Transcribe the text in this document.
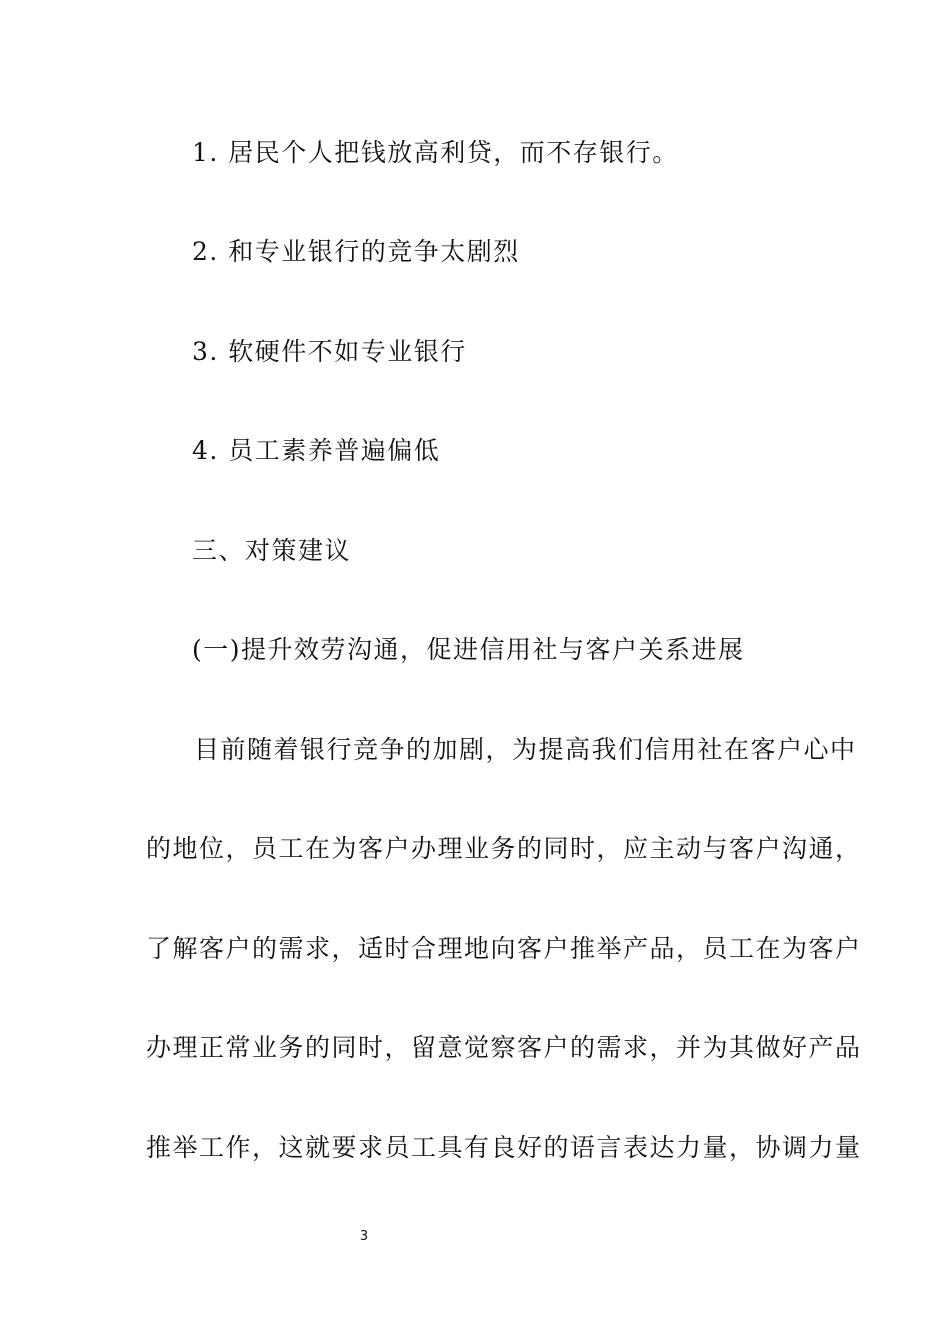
1. 居民个人把钱放高利贷，而不存银行。
2. 和专业银行的竞争太剧烈
3. 软硬件不如专业银行
4. 员工素养普遍偏低
三、对策建议
(一)提升效劳沟通，促进信用社与客户关系进展
目前随着银行竞争的加剧，为提高我们信用社在客户心中
的地位，员工在为客户办理业务的同时，应主动与客户沟通，
了解客户的需求，适时合理地向客户推举产品，员工在为客户
办理正常业务的同时，留意觉察客户的需求，并为其做好产品
推举工作，这就要求员工具有良好的语言表达力量，协调力量
3
